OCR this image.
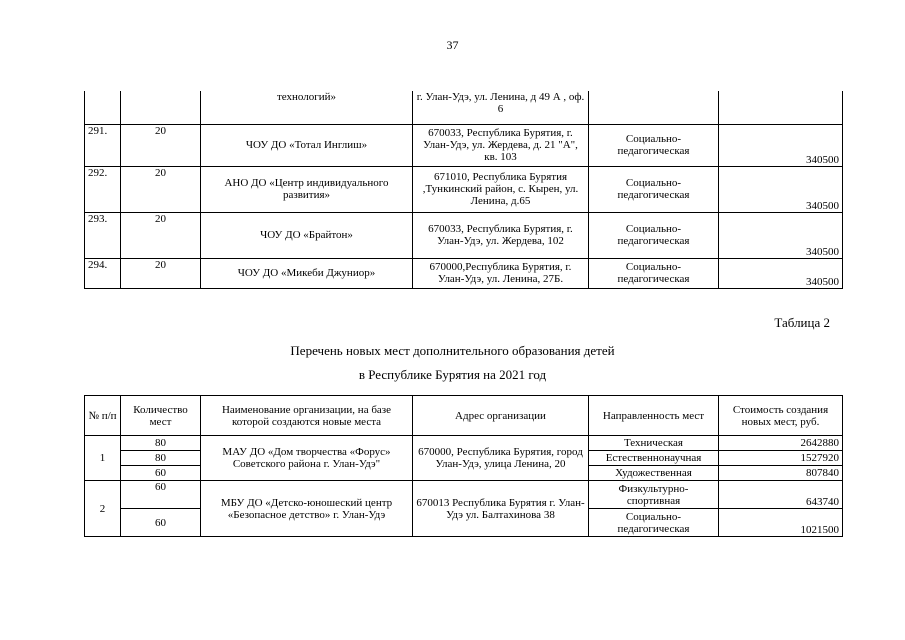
37
		технологий»	г. Улан-Удэ, ул. Ленина, д 49 А , оф. 6		
291.	20	ЧОУ ДО «Тотал Инглиш»	670033, Республика Бурятия, г. Улан-Удэ, ул. Жердева, д. 21 "А", кв. 103	Социально-педагогическая	340500
292.	20	АНО ДО «Центр индивидуального развития»	671010, Республика Бурятия ,Тункинский район, с. Кырен, ул. Ленина, д.65	Социально-педагогическая	340500
293.	20	ЧОУ ДО «Брайтон»	670033, Республика Бурятия, г. Улан-Удэ, ул. Жердева, 102	Социально-педагогическая	340500
294.	20	ЧОУ ДО «Микеби Джуниор»	670000,Республика Бурятия, г. Улан-Удэ, ул. Ленина, 27Б.	Социально-педагогическая	340500
Таблица 2
Перечень новых мест дополнительного образования детей
в Республике Бурятия на 2021 год
№ п/п	Количество мест	Наименование организации, на базе которой создаются новые места	Адрес организации	Направленность мест	Стоимость создания новых мест, руб.
1	80	МАУ ДО «Дом творчества «Форус» Советского района г. Улан-Удэ"	670000, Республика Бурятия, город Улан-Удэ, улица Ленина, 20	Техническая	2642880
	80			Естественнонаучная	1527920
	60			Художественная	807840
2	60	МБУ ДО «Детско-юношеский центр «Безопасное детство» г. Улан-Удэ	670013 Республика Бурятия г. Улан-Удэ ул. Балтахинова 38	Физкультурно-спортивная	643740
	60			Социально-педагогическая	1021500
